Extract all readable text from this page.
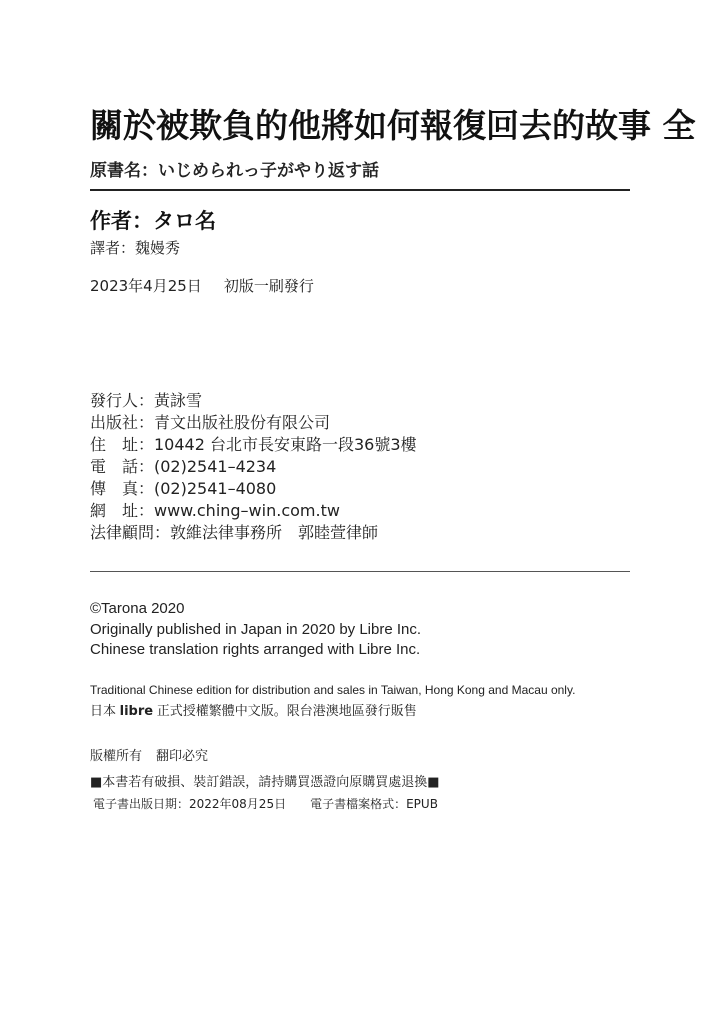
關於被欺負的他將如何報復回去的故事 全
原書名：いじめられっ子がやり返す話
作者：タロ名
譯者：魏嫚秀
2023年4月25日 初版一刷發行
發行人：黃詠雪
出版社：青文出版社股份有限公司
住　址：10442 台北市長安東路一段36號3樓
電　話：(02)2541–4234
傳　真：(02)2541–4080
網　址：www.ching–win.com.tw
法律顧問：敦維法律事務所　郭睦萱律師
©Tarona 2020
Originally published in Japan in 2020 by Libre Inc.
Chinese translation rights arranged with Libre Inc.
Traditional Chinese edition for distribution and sales in Taiwan, Hong Kong and Macau only.
日本 libre 正式授權繁體中文版。限台港澳地區發行販售
版權所有 翻印必究
■本書若有破損、裝訂錯誤，請持購買憑證向原購買處退換■
電子書出版日期：2022年08月25日 電子書檔案格式：EPUB
